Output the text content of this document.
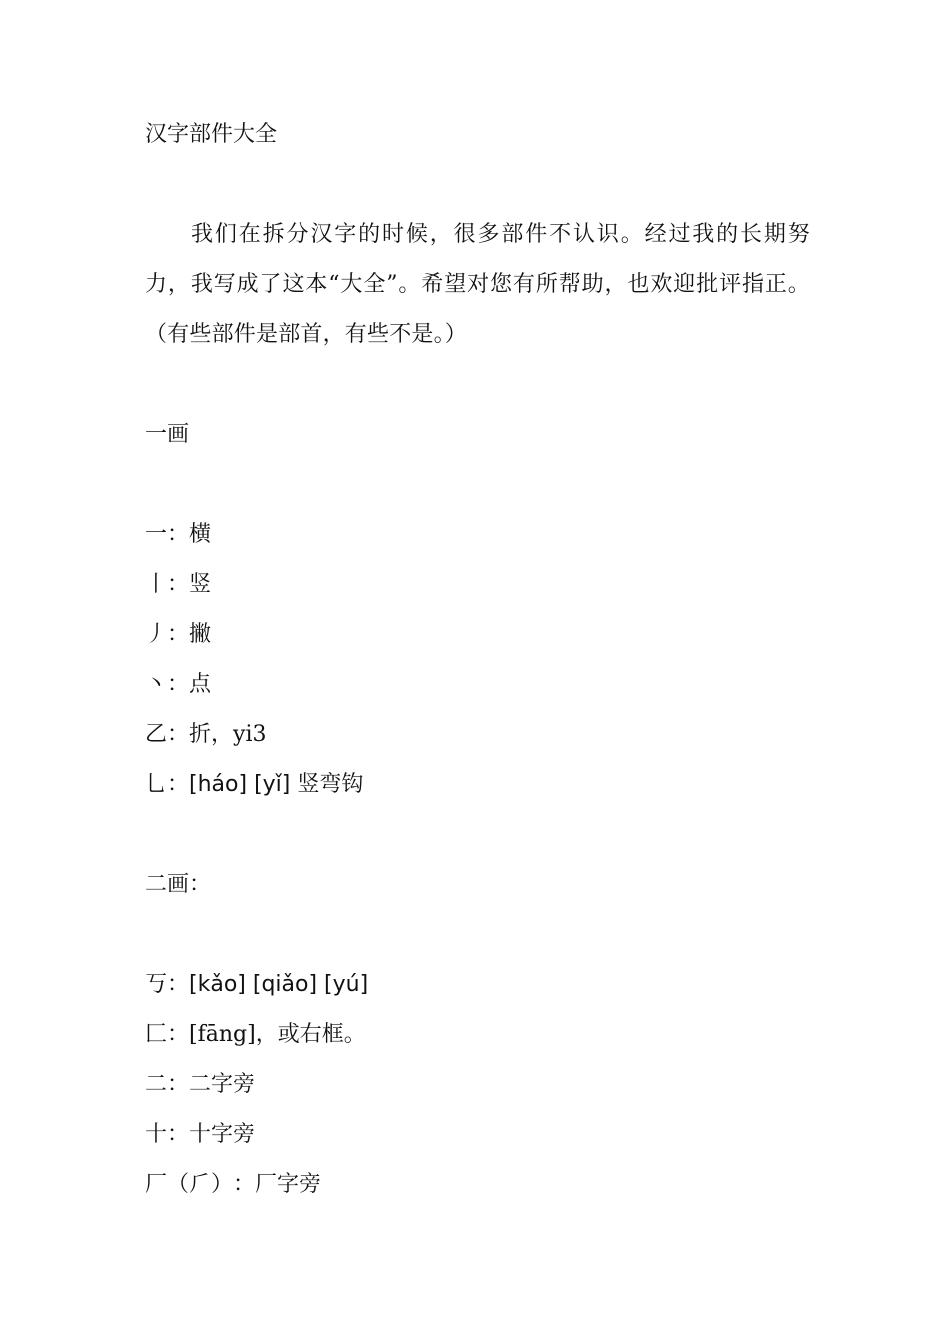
汉字部件大全
我们在拆分汉字的时候，很多部件不认识。经过我的长期努力，我写成了这本“大全”。希望对您有所帮助，也欢迎批评指正。（有些部件是部首，有些不是。）
一画
一：横
丨：竖
丿：撇
丶：点
乙：折，yi3
乚：[háo] [yǐ] 竖弯钩
二画：
丂：[kǎo] [qiǎo] [yú]
匚：[fāng]，或右框。
二：二字旁
十：十字旁
厂（⺁）：厂字旁
